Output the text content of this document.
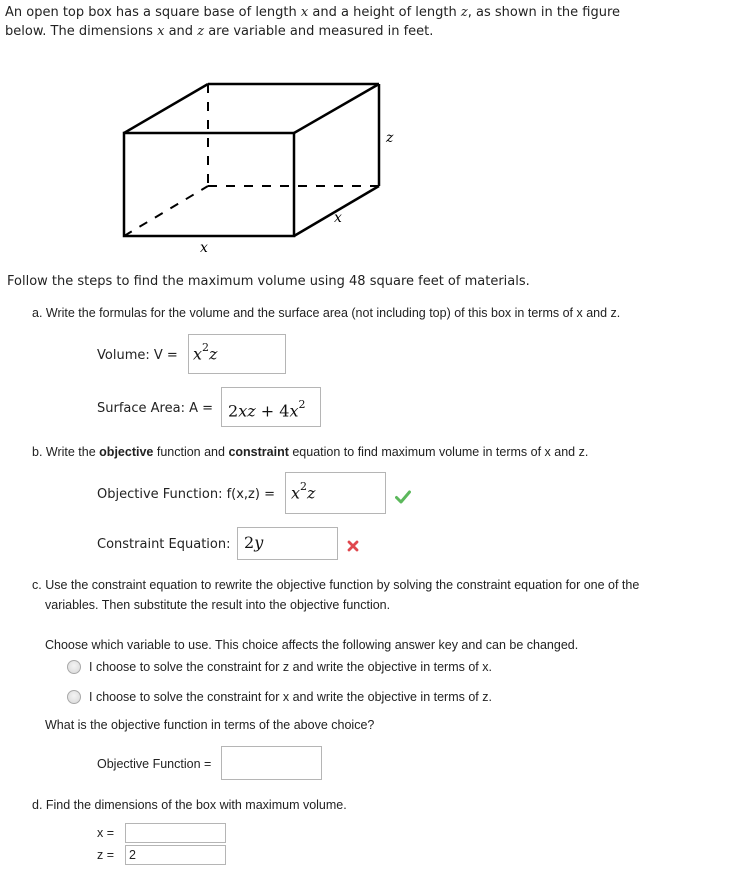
An open top box has a square base of length x and a height of length z, as shown in the figure
below. The dimensions x and z are variable and measured in feet.
z
x
x
Follow the steps to find the maximum volume using 48 square feet of materials.
a. Write the formulas for the volume and the surface area (not including top) of this box in terms of x and z.
Volume: $V = x^2z$
Surface Area: $A = 2xz + 4x^2$
b. Write the objective function and constraint equation to find maximum volume in terms of x and z.
Objective Function: $f(x,z) = x^2z$
Constraint Equation: 2y
c. Use the constraint equation to rewrite the objective function by solving the constraint equation for one of the
variables. Then substitute the result into the objective function.
Choose which variable to use. This choice affects the following answer key and can be changed.
I choose to solve the constraint for z and write the objective in terms of x.
I choose to solve the constraint for x and write the objective in terms of z.
What is the objective function in terms of the above choice?
Objective Function =
d. Find the dimensions of the box with maximum volume.
x =
z =	2
